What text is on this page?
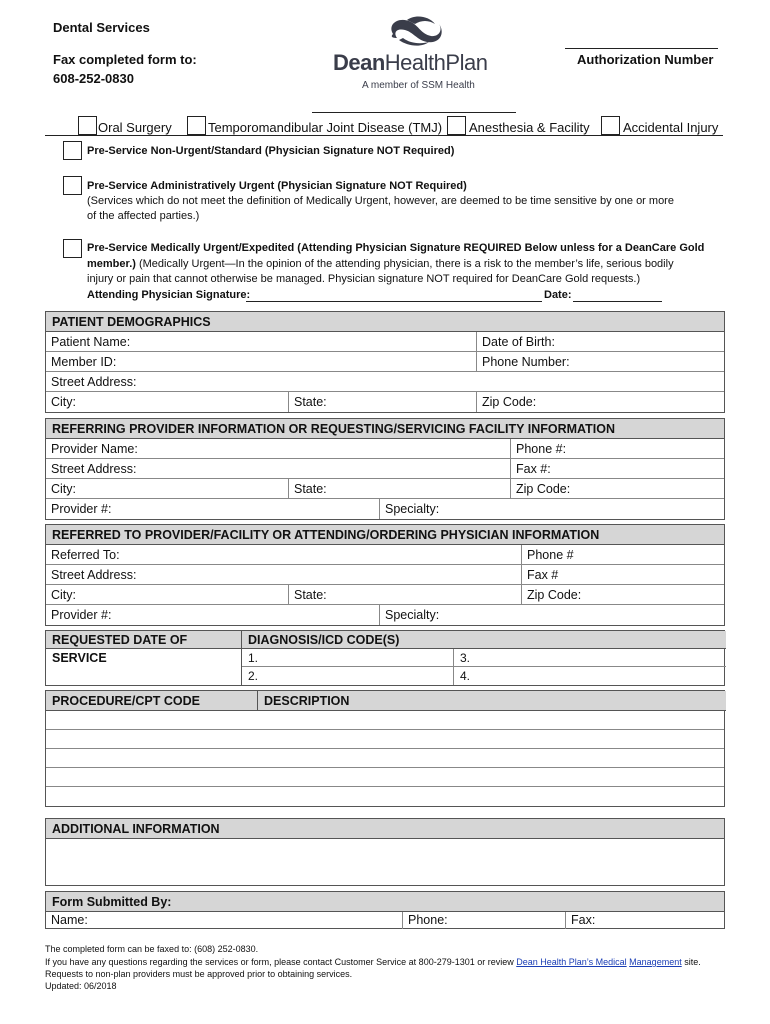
Dental Services
Fax completed form to:
608-252-0830
DeanHealthPlan
A member of SSM Health
Authorization Number
Oral Surgery	Temporomandibular Joint Disease (TMJ) Anesthesia & Facility	Accidental Injury
Pre-Service Non-Urgent/Standard (Physician Signature NOT Required)
Pre-Service Administratively Urgent (Physician Signature NOT Required)
(Services which do not meet the definition of Medically Urgent, however, are deemed to be time sensitive by one or more
of the affected parties.)
Pre-Service Medically Urgent/Expedited (Attending Physician Signature REQUIRED Below unless for a DeanCare Gold
member.) (Medically Urgent—In the opinion of the attending physician, there is a risk to the member’s life, serious bodily
injury or pain that cannot otherwise be managed. Physician signature NOT required for DeanCare Gold requests.)
Attending Physician Signature:	Date:
PATIENT DEMOGRAPHICS
Patient Name:	Date of Birth:
Member ID:	Phone Number:
Street Address:
City:	State:	Zip Code:
REFERRING PROVIDER INFORMATION OR REQUESTING/SERVICING FACILITY INFORMATION
Provider Name:	Phone #:
Street Address:	Fax #:
City:	State:	Zip Code:
Provider #:	Specialty:
REFERRED TO PROVIDER/FACILITY OR ATTENDING/ORDERING PHYSICIAN INFORMATION
Referred To:	Phone #
Street Address:	Fax #
City:	State:	Zip Code:
Provider #:	Specialty:
REQUESTED DATE OF SERVICE
DIAGNOSIS/ICD CODE(S)
1.	3.
2.	4.
PROCEDURE/CPT CODE	DESCRIPTION
ADDITIONAL INFORMATION
Form Submitted By:
Name:	Phone:	Fax:
The completed form can be faxed to: (608) 252-0830.
If you have any questions regarding the services or form, please contact Customer Service at 800-279-1301 or review Dean Health Plan’s Medical Management site.
Requests to non-plan providers must be approved prior to obtaining services.
Updated: 06/2018
